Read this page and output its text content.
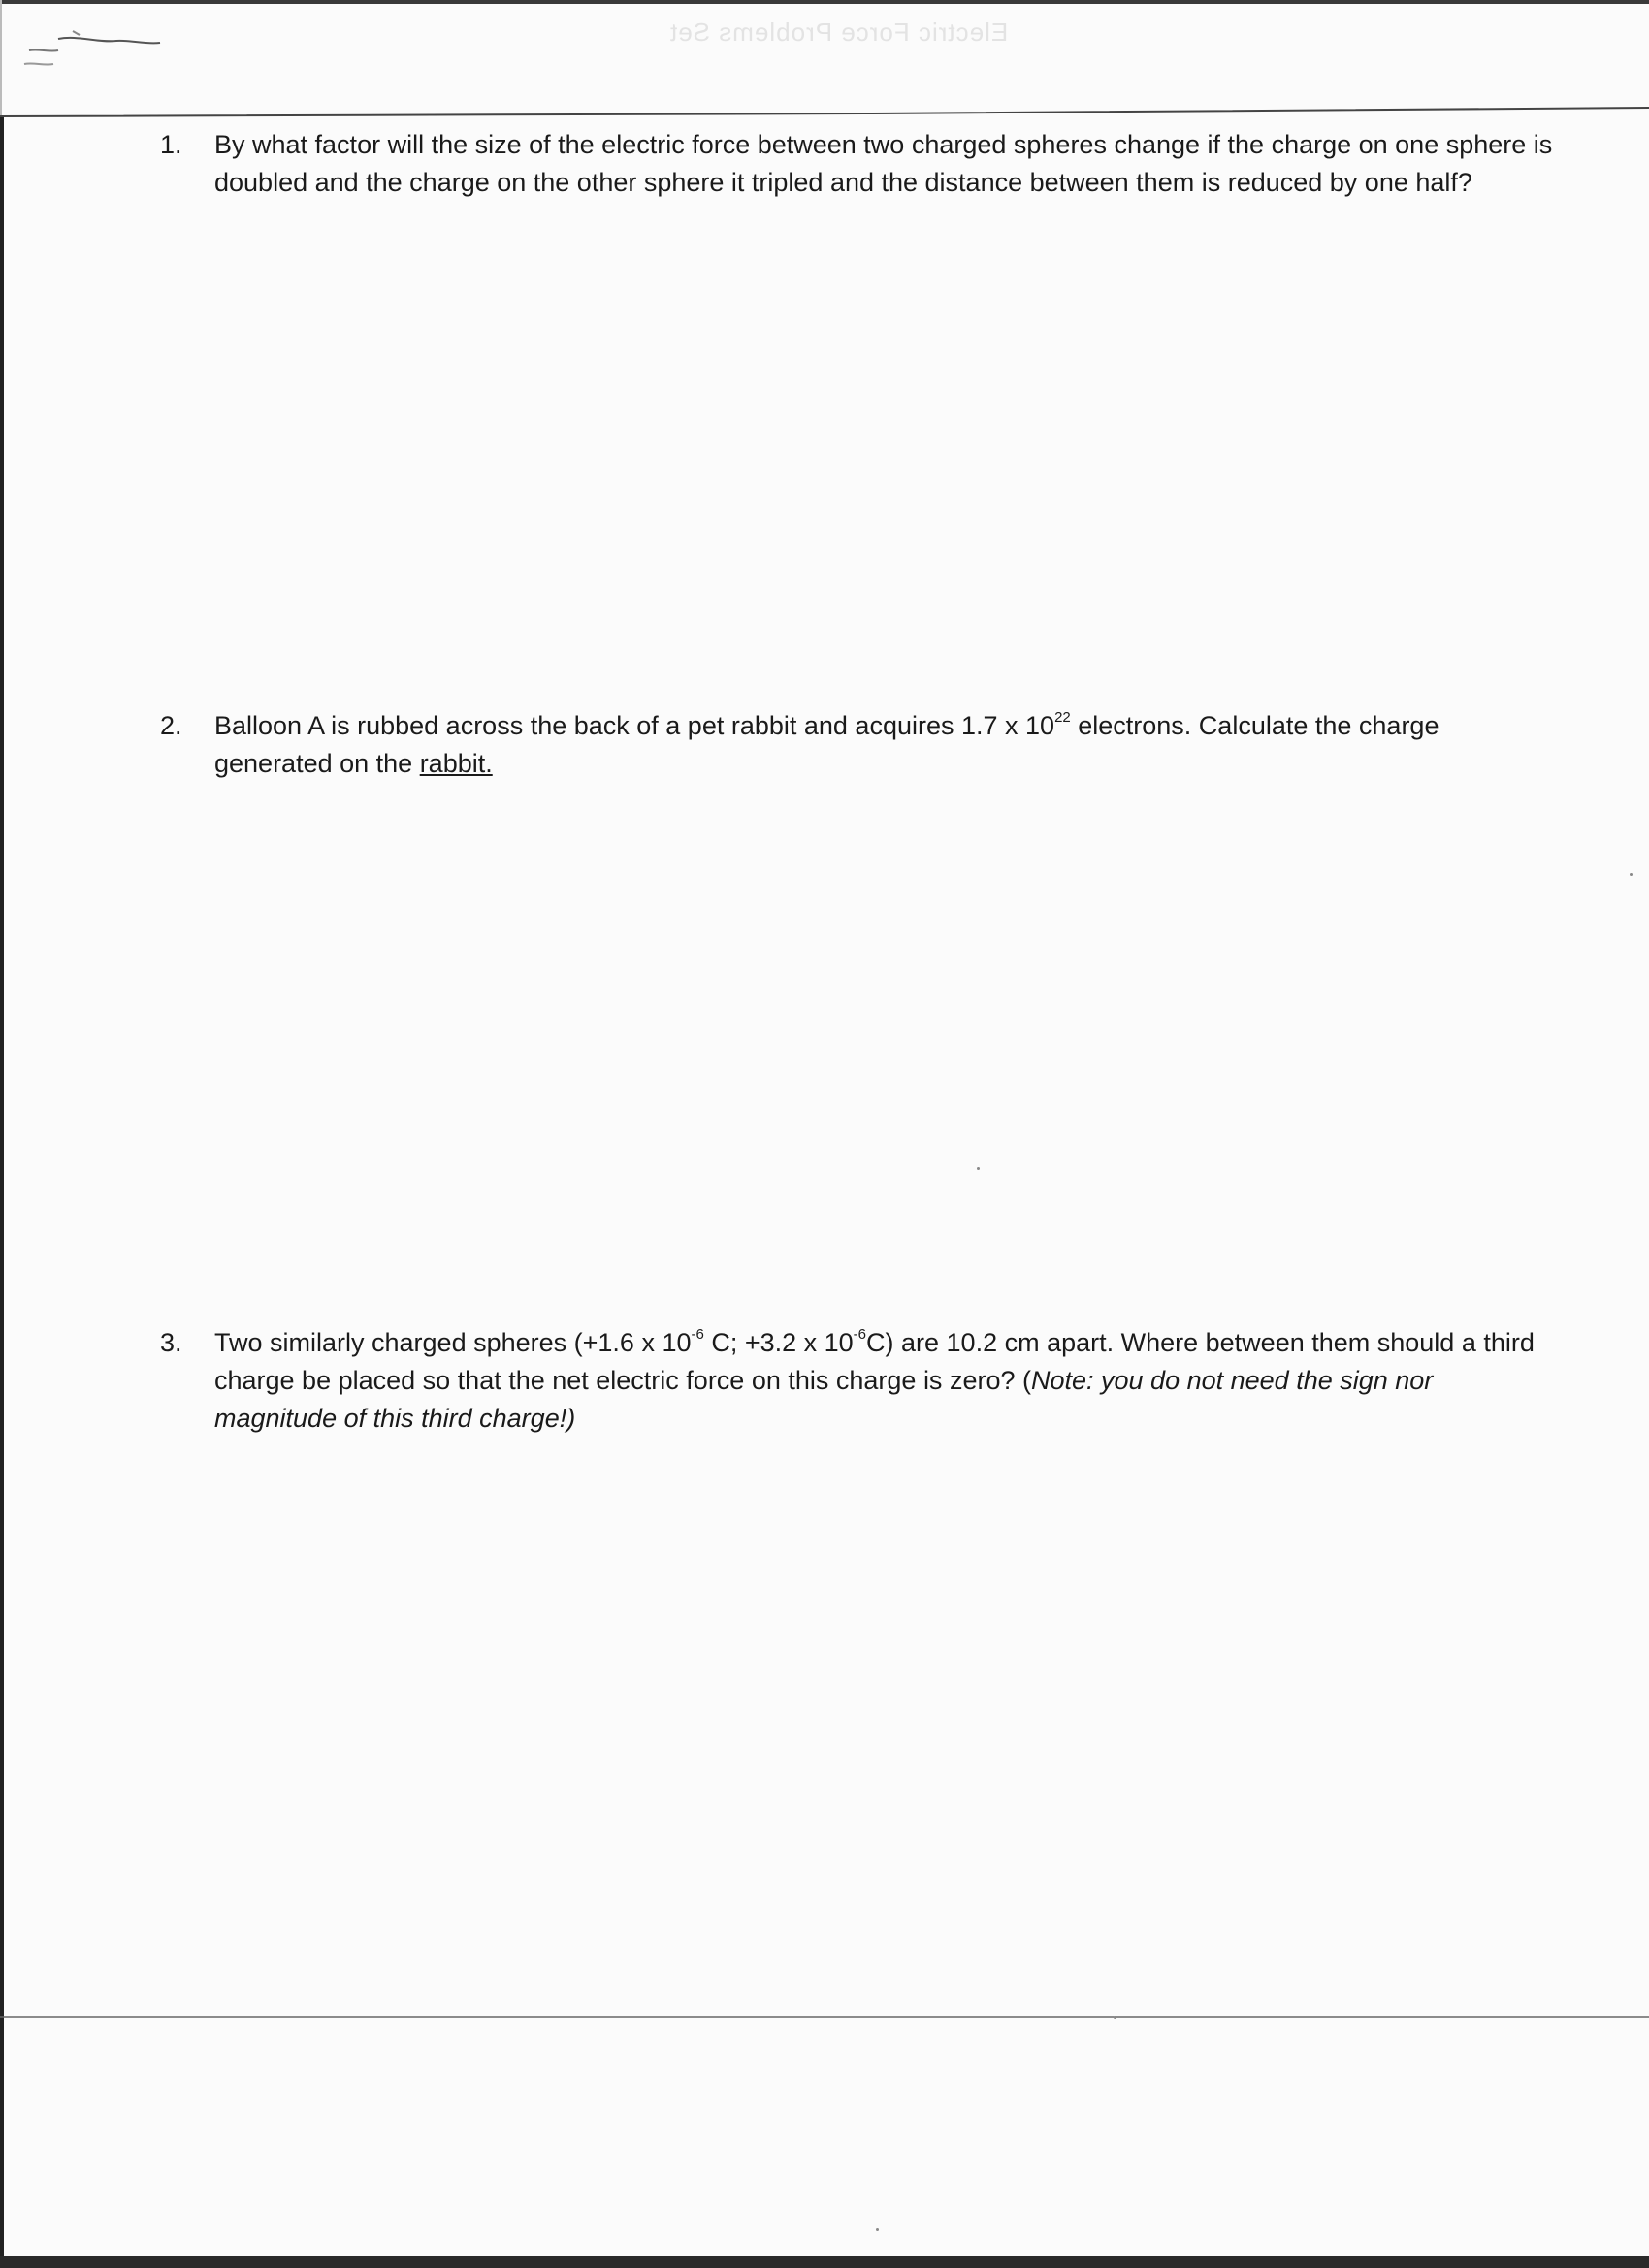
Electric Force Problems Set
1.	By what factor will the size of the electric force between two charged spheres change if the charge on one sphere is doubled and the charge on the other sphere it tripled and the distance between them is reduced by one half?
2.	Balloon A is rubbed across the back of a pet rabbit and acquires 1.7 x $10^{22}$ electrons. Calculate the charge generated on the rabbit.
3.	Two similarly charged spheres (+1.6 x $10^{-6}$ C; +3.2 x $10^{-6}C$) are 10.2 cm apart. Where between them should a third charge be placed so that the net electric force on this charge is zero? (Note: you do not need the sign nor magnitude of this third charge!)
